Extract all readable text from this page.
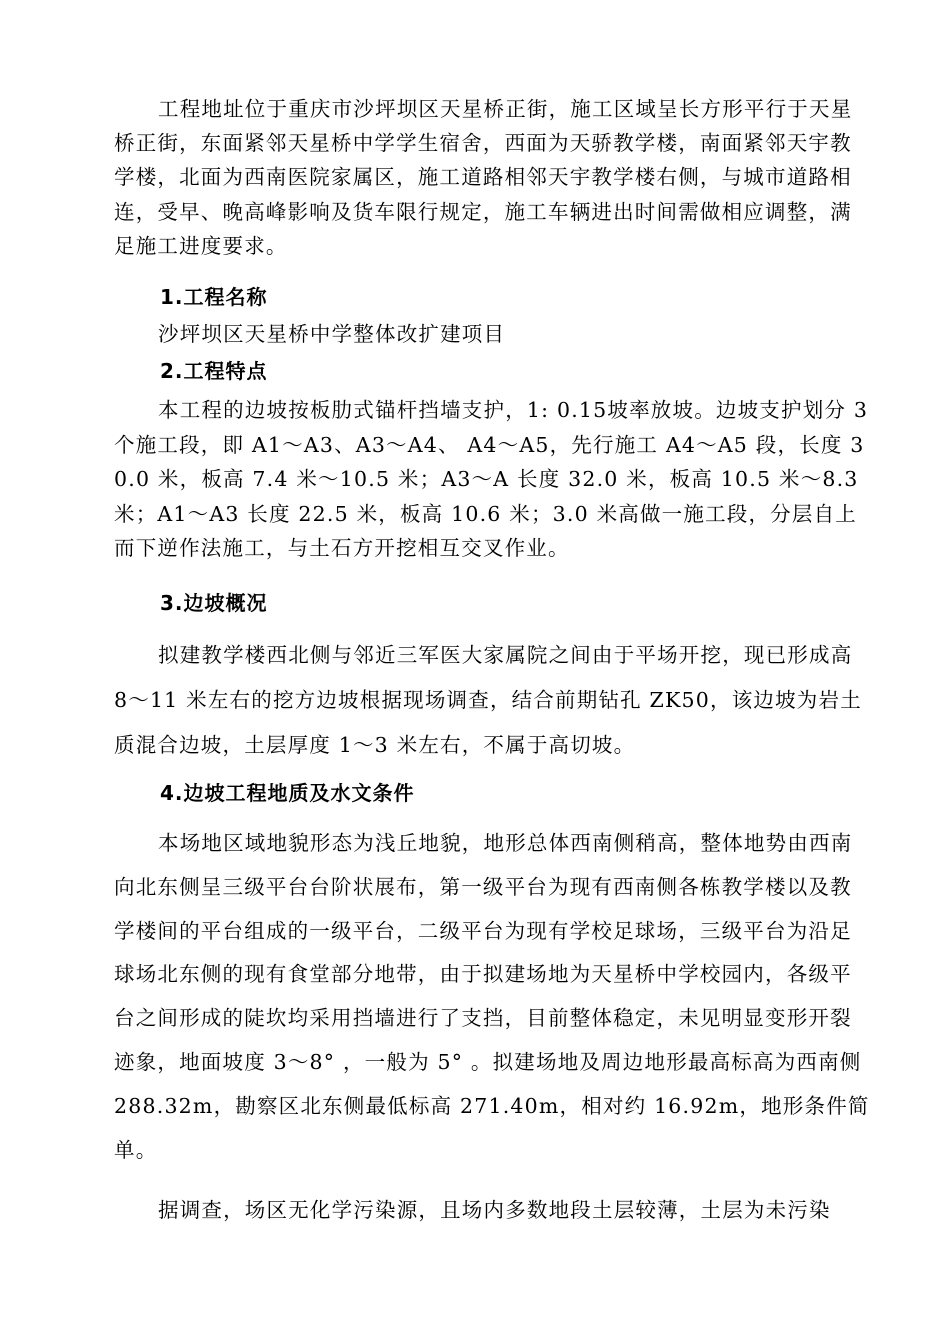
工程地址位于重庆市沙坪坝区天星桥正街，施工区域呈长方形平行于天星桥正街，东面紧邻天星桥中学学生宿舍，西面为天骄教学楼，南面紧邻天宇教学楼，北面为西南医院家属区，施工道路相邻天宇教学楼右侧，与城市道路相连，受早、晚高峰影响及货车限行规定，施工车辆进出时间需做相应调整，满足施工进度要求。

1.工程名称

沙坪坝区天星桥中学整体改扩建项目

2.工程特点

本工程的边坡按板肋式锚杆挡墙支护，1: 0.15坡率放坡。边坡支护划分 3 个施工段，即 A1～A3、A3～A4、 A4～A5，先行施工 A4～A5 段，长度 30.0 米，板高 7.4 米～10.5 米；A3～A 长度 32.0 米，板高 10.5 米～8.3 米；A1～A3 长度 22.5 米，板高 10.6 米；3.0 米高做一施工段，分层自上而下逆作法施工，与土石方开挖相互交叉作业。

3.边坡概况

拟建教学楼西北侧与邻近三军医大家属院之间由于平场开挖，现已形成高 8～11 米左右的挖方边坡根据现场调查，结合前期钻孔 ZK50，该边坡为岩土质混合边坡，土层厚度 1～3 米左右，不属于高切坡。

4.边坡工程地质及水文条件

本场地区域地貌形态为浅丘地貌，地形总体西南侧稍高，整体地势由西南向北东侧呈三级平台台阶状展布，第一级平台为现有西南侧各栋教学楼以及教学楼间的平台组成的一级平台，二级平台为现有学校足球场，三级平台为沿足球场北东侧的现有食堂部分地带，由于拟建场地为天星桥中学校园内，各级平台之间形成的陡坎均采用挡墙进行了支挡，目前整体稳定，未见明显变形开裂迹象，地面坡度 3～8° ，一般为 5° 。拟建场地及周边地形最高标高为西南侧 288.32m，勘察区北东侧最低标高 271.40m，相对约 16.92m，地形条件简单。

据调查，场区无化学污染源，且场内多数地段土层较薄，土层为未污染
